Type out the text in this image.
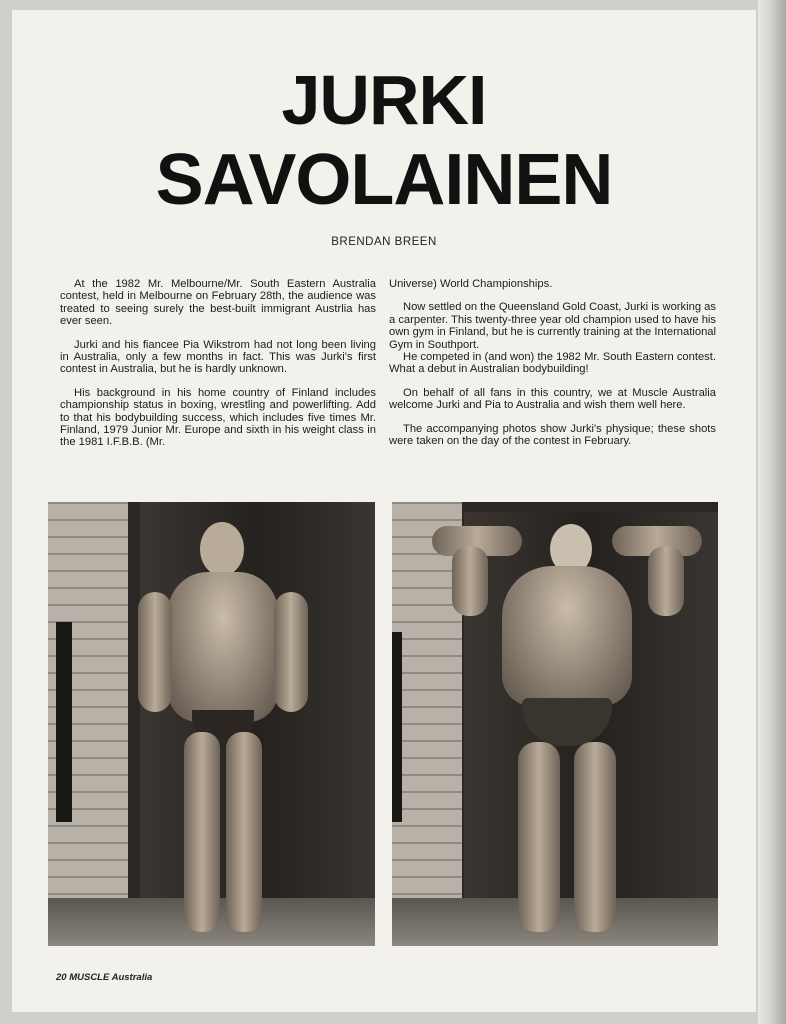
JURKI
SAVOLAINEN
BRENDAN BREEN

At the 1982 Mr. Melbourne/Mr. South Eastern Australia contest, held in Melbourne on February 28th, the audience was treated to seeing surely the best-built immigrant Austrlia has ever seen.

Jurki and his fiancee Pia Wikstrom had not long been living in Australia, only a few months in fact. This was Jurki's first contest in Australia, but he is hardly unknown.

His background in his home country of Finland includes championship status in boxing, wrestling and powerlifting. Add to that his bodybuilding success, which includes five times Mr. Finland, 1979 Junior Mr. Europe and sixth in his weight class in the 1981 I.F.B.B. (Mr.

Universe) World Championships.

Now settled on the Queensland Gold Coast, Jurki is working as a carpenter. This twenty-three year old champion used to have his own gym in Finland, but he is currently training at the International Gym in Southport.

He competed in (and won) the 1982 Mr. South Eastern contest. What a debut in Australian bodybuilding!

On behalf of all fans in this country, we at Muscle Australia welcome Jurki and Pia to Australia and wish them well here.

The accompanying photos show Jurki's physique; these shots were taken on the day of the contest in February.

20 MUSCLE Australia
